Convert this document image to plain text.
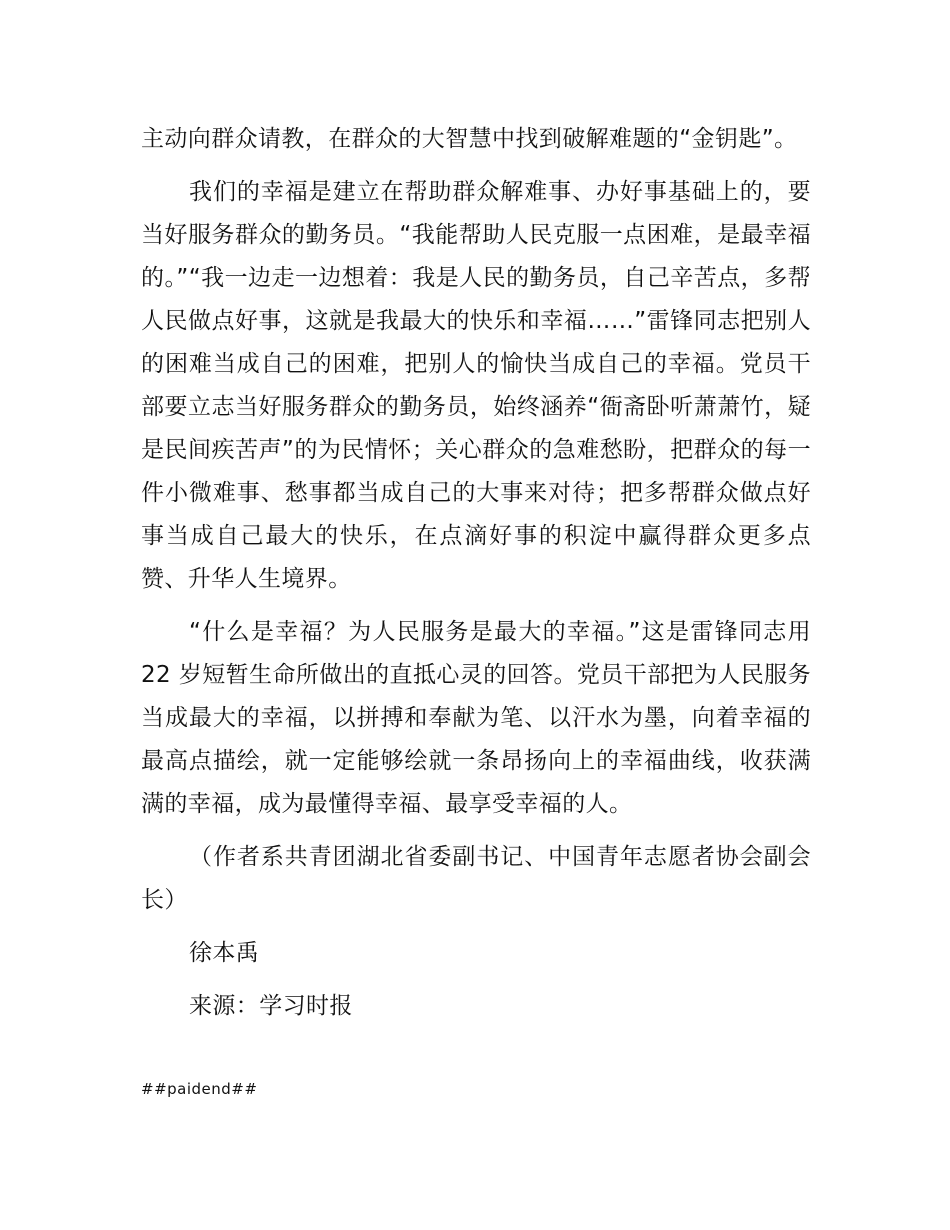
主动向群众请教，在群众的大智慧中找到破解难题的“金钥匙”。

我们的幸福是建立在帮助群众解难事、办好事基础上的，要当好服务群众的勤务员。“我能帮助人民克服一点困难，是最幸福的。”“我一边走一边想着：我是人民的勤务员，自己辛苦点，多帮人民做点好事，这就是我最大的快乐和幸福……”雷锋同志把别人的困难当成自己的困难，把别人的愉快当成自己的幸福。党员干部要立志当好服务群众的勤务员，始终涵养“衙斋卧听萧萧竹，疑是民间疾苦声”的为民情怀；关心群众的急难愁盼，把群众的每一件小微难事、愁事都当成自己的大事来对待；把多帮群众做点好事当成自己最大的快乐，在点滴好事的积淀中赢得群众更多点赞、升华人生境界。

“什么是幸福？为人民服务是最大的幸福。”这是雷锋同志用 22 岁短暂生命所做出的直抵心灵的回答。党员干部把为人民服务当成最大的幸福，以拼搏和奉献为笔、以汗水为墨，向着幸福的最高点描绘，就一定能够绘就一条昂扬向上的幸福曲线，收获满满的幸福，成为最懂得幸福、最享受幸福的人。

（作者系共青团湖北省委副书记、中国青年志愿者协会副会长）

徐本禹

来源：学习时报

##paidend##
